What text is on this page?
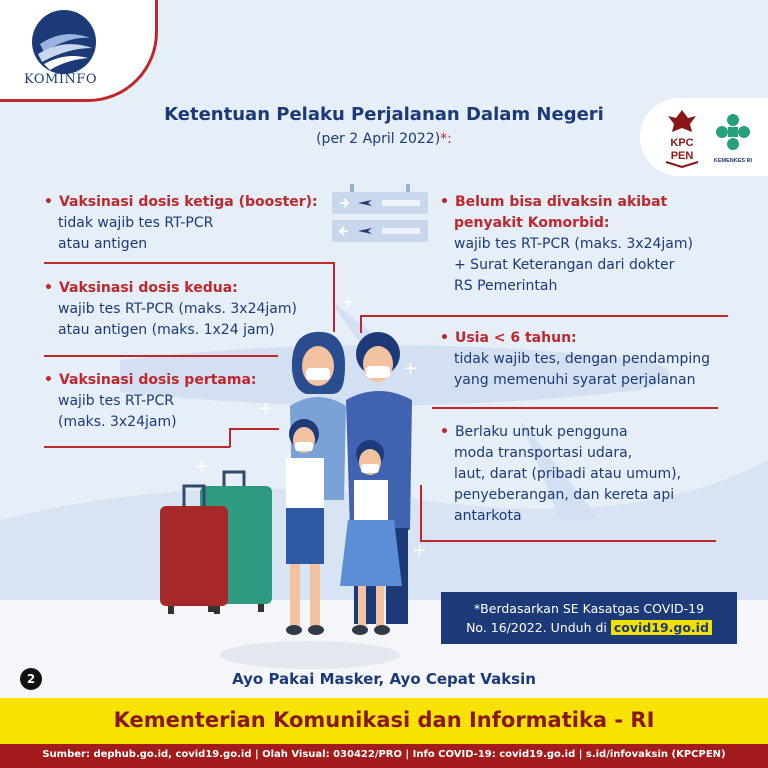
KOMINFO
KPC
PEN	KEMENKES RI
Ketentuan Pelaku Perjalanan Dalam Negeri
(per 2 April 2022)*:
• Vaksinasi dosis ketiga (booster):
tidak wajib tes RT-PCR
atau antigen
• Vaksinasi dosis kedua:
wajib tes RT-PCR (maks. 3x24jam)
atau antigen (maks. 1x24 jam)
• Vaksinasi dosis pertama:
wajib tes RT-PCR
(maks. 3x24jam)
• Belum bisa divaksin akibat
penyakit Komorbid:
wajib tes RT-PCR (maks. 3x24jam)
+ Surat Keterangan dari dokter
RS Pemerintah
• Usia < 6 tahun:
tidak wajib tes, dengan pendamping
yang memenuhi syarat perjalanan
• Berlaku untuk pengguna
moda transportasi udara,
laut, darat (pribadi atau umum),
penyeberangan, dan kereta api
antarkota
+
+
+
+
+
*Berdasarkan SE Kasatgas COVID-19
No. 16/2022. Unduh di covid19.go.id
2	Ayo Pakai Masker, Ayo Cepat Vaksin
Kementerian Komunikasi dan Informatika - RI
Sumber: dephub.go.id, covid19.go.id | Olah Visual: 030422/PRO | Info COVID-19: covid19.go.id | s.id/infovaksin (KPCPEN)
